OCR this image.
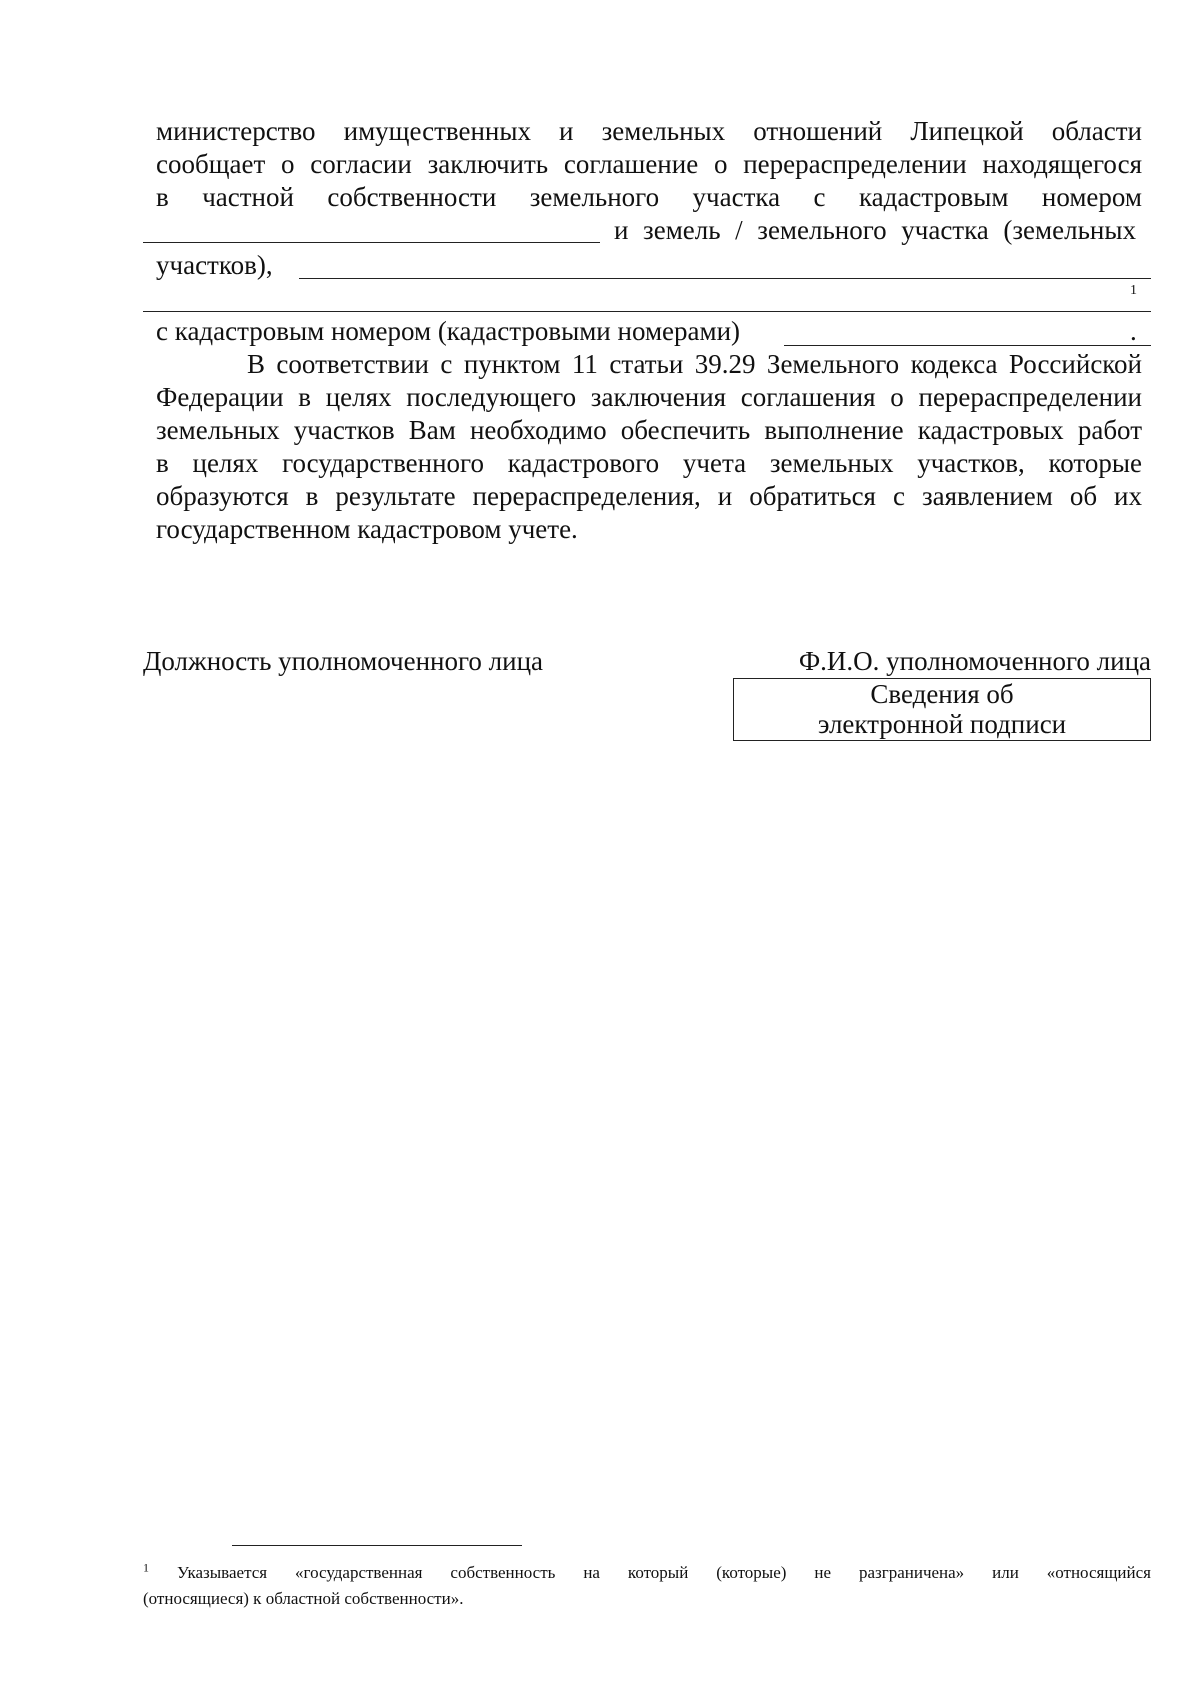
министерство имущественных и земельных отношений Липецкой области
сообщает о согласии заключить соглашение о перераспределении находящегося
в частной собственности земельного участка с кадастровым номером
и земель / земельного участка (земельных
участков),
1
с кадастровым номером (кадастровыми номерами)	.
В соответствии с пунктом 11 статьи 39.29 Земельного кодекса Российской
Федерации в целях последующего заключения соглашения о перераспределении
земельных участков Вам необходимо обеспечить выполнение кадастровых работ
в целях государственного кадастрового учета земельных участков, которые
образуются в результате перераспределения, и обратиться с заявлением об их
государственном кадастровом учете.
Должность уполномоченного лица	Ф.И.О. уполномоченного лица
Сведения об
электронной подписи
$^1$ Указывается «государственная собственность на который (которые) не разграничена» или «относящийся
(относящиеся) к областной собственности».
